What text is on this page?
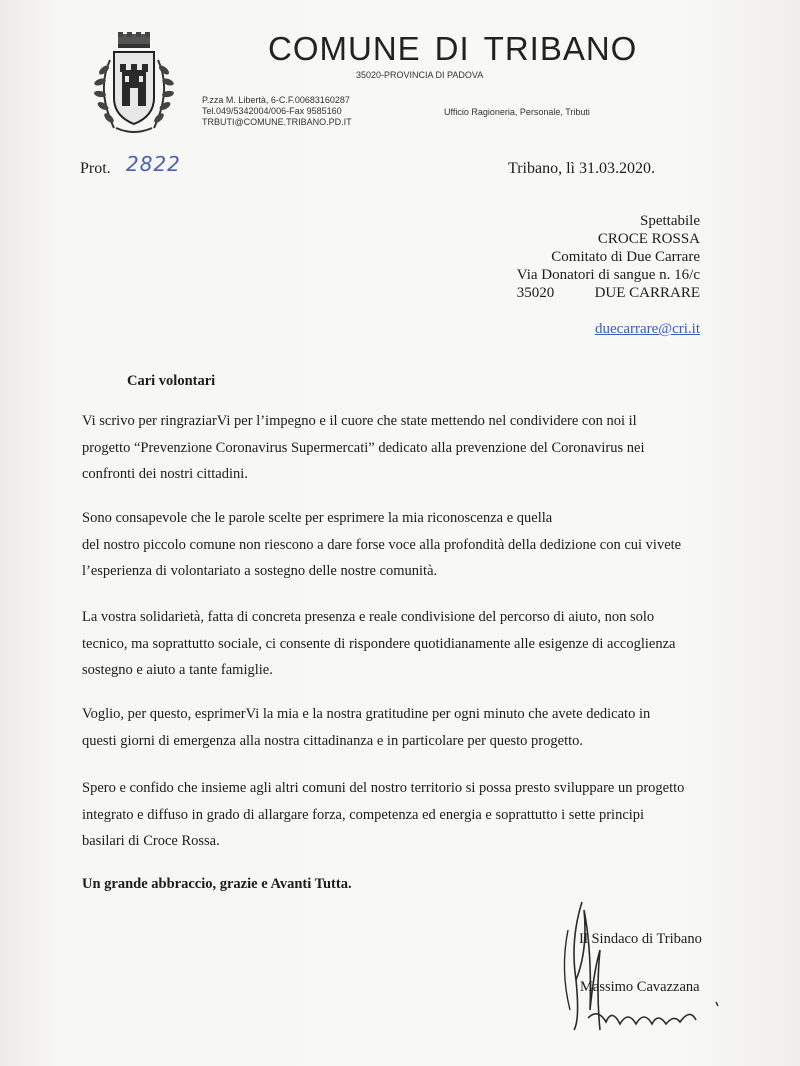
COMUNE DI TRIBANO
35020-PROVINCIA DI PADOVA
P.zza M. Libertà, 6-C.F.00683160287
Tel.049/5342004/006-Fax 9585160
TRBUTI@COMUNE.TRIBANO.PD.IT
Ufficio Ragioneria, Personale, Tributi
Prot. 2822	Tribano, lì 31.03.2020.
Spettabile
CROCE ROSSA
Comitato di Due Carrare
Via Donatori di sangue n. 16/c
35020	DUE CARRARE
duecarrare@cri.it
Cari volontari
Vi scrivo per ringraziarVi per l’impegno e il cuore che state mettendo nel condividere con noi il
progetto “Prevenzione Coronavirus Supermercati” dedicato alla prevenzione del Coronavirus nei
confronti dei nostri cittadini.
Sono consapevole che le parole scelte per esprimere la mia riconoscenza e quella
del nostro piccolo comune non riescono a dare forse voce alla profondità della dedizione con cui vivete
l’esperienza di volontariato a sostegno delle nostre comunità.
La vostra solidarietà, fatta di concreta presenza e reale condivisione del percorso di aiuto, non solo
tecnico, ma soprattutto sociale, ci consente di rispondere quotidianamente alle esigenze di accoglienza
sostegno e aiuto a tante famiglie.
Voglio, per questo, esprimerVi la mia e la nostra gratitudine per ogni minuto che avete dedicato in
questi giorni di emergenza alla nostra cittadinanza e in particolare per questo progetto.
Spero e confido che insieme agli altri comuni del nostro territorio si possa presto sviluppare un progetto
integrato e diffuso in grado di allargare forza, competenza ed energia e soprattutto i sette principi
basilari di Croce Rossa.
Un grande abbraccio, grazie e Avanti Tutta.
Il Sindaco di Tribano
Massimo Cavazzana
